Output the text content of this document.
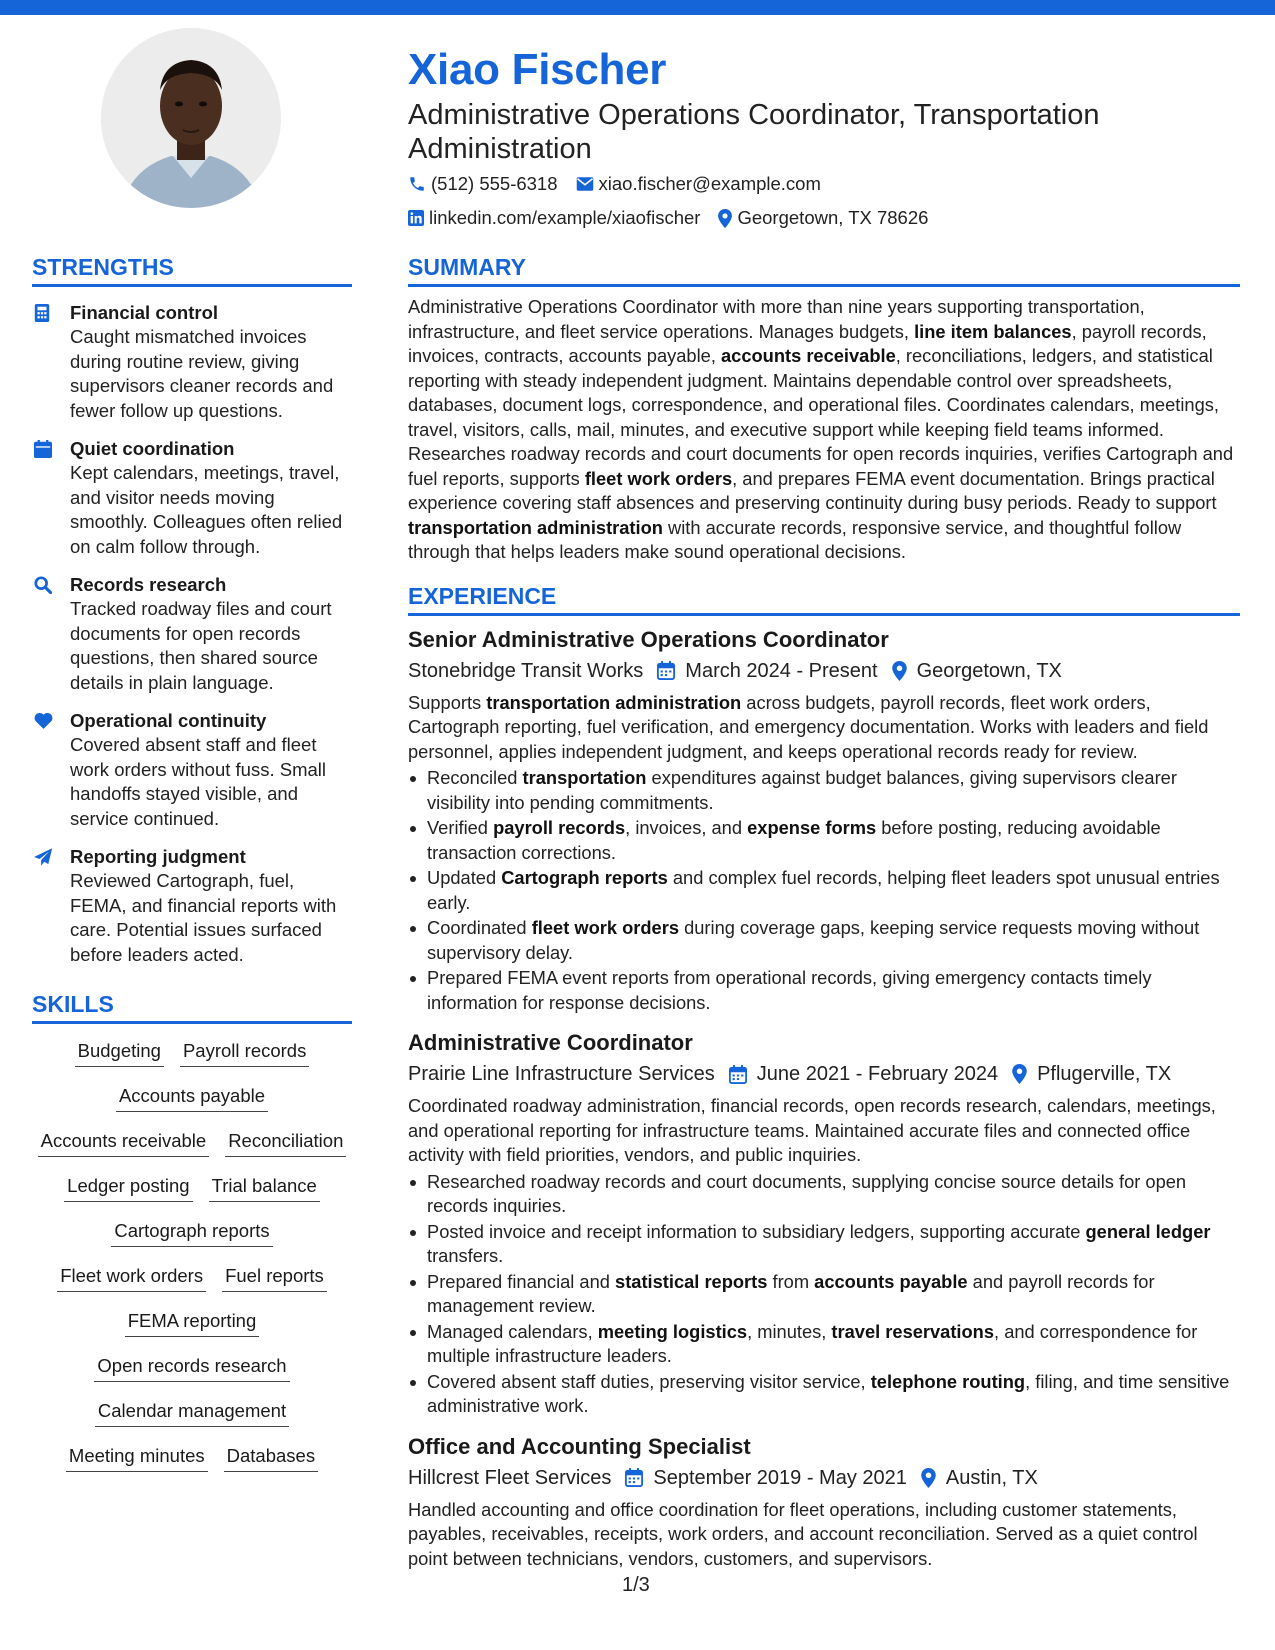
Xiao Fischer
Administrative Operations Coordinator, Transportation Administration
(512) 555-6318 xiao.fischer@example.com
linkedin.com/example/xiaofischer Georgetown, TX 78626
STRENGTHS
Financial control
Caught mismatched invoices during routine review, giving supervisors cleaner records and fewer follow up questions.
Quiet coordination
Kept calendars, meetings, travel, and visitor needs moving smoothly. Colleagues often relied on calm follow through.
Records research
Tracked roadway files and court documents for open records questions, then shared source details in plain language.
Operational continuity
Covered absent staff and fleet work orders without fuss. Small handoffs stayed visible, and service continued.
Reporting judgment
Reviewed Cartograph, fuel, FEMA, and financial reports with care. Potential issues surfaced before leaders acted.
SKILLS
Budgeting Payroll records
Accounts payable
Accounts receivable Reconciliation
Ledger posting Trial balance
Cartograph reports
Fleet work orders Fuel reports
FEMA reporting
Open records research
Calendar management
Meeting minutes Databases
SUMMARY
Administrative Operations Coordinator with more than nine years supporting transportation, infrastructure, and fleet service operations. Manages budgets, line item balances, payroll records, invoices, contracts, accounts payable, accounts receivable, reconciliations, ledgers, and statistical reporting with steady independent judgment. Maintains dependable control over spreadsheets, databases, document logs, correspondence, and operational files. Coordinates calendars, meetings, travel, visitors, calls, mail, minutes, and executive support while keeping field teams informed. Researches roadway records and court documents for open records inquiries, verifies Cartograph and fuel reports, supports fleet work orders, and prepares FEMA event documentation. Brings practical experience covering staff absences and preserving continuity during busy periods. Ready to support transportation administration with accurate records, responsive service, and thoughtful follow through that helps leaders make sound operational decisions.
EXPERIENCE
Senior Administrative Operations Coordinator
Stonebridge Transit Works March 2024 - Present Georgetown, TX
Supports transportation administration across budgets, payroll records, fleet work orders, Cartograph reporting, fuel verification, and emergency documentation. Works with leaders and field personnel, applies independent judgment, and keeps operational records ready for review.
Reconciled transportation expenditures against budget balances, giving supervisors clearer visibility into pending commitments.
Verified payroll records, invoices, and expense forms before posting, reducing avoidable transaction corrections.
Updated Cartograph reports and complex fuel records, helping fleet leaders spot unusual entries early.
Coordinated fleet work orders during coverage gaps, keeping service requests moving without supervisory delay.
Prepared FEMA event reports from operational records, giving emergency contacts timely information for response decisions.
Administrative Coordinator
Prairie Line Infrastructure Services June 2021 - February 2024 Pflugerville, TX
Coordinated roadway administration, financial records, open records research, calendars, meetings, and operational reporting for infrastructure teams. Maintained accurate files and connected office activity with field priorities, vendors, and public inquiries.
Researched roadway records and court documents, supplying concise source details for open records inquiries.
Posted invoice and receipt information to subsidiary ledgers, supporting accurate general ledger transfers.
Prepared financial and statistical reports from accounts payable and payroll records for management review.
Managed calendars, meeting logistics, minutes, travel reservations, and correspondence for multiple infrastructure leaders.
Covered absent staff duties, preserving visitor service, telephone routing, filing, and time sensitive administrative work.
Office and Accounting Specialist
Hillcrest Fleet Services September 2019 - May 2021 Austin, TX
Handled accounting and office coordination for fleet operations, including customer statements, payables, receivables, receipts, work orders, and account reconciliation. Served as a quiet control point between technicians, vendors, customers, and supervisors.
1/3
